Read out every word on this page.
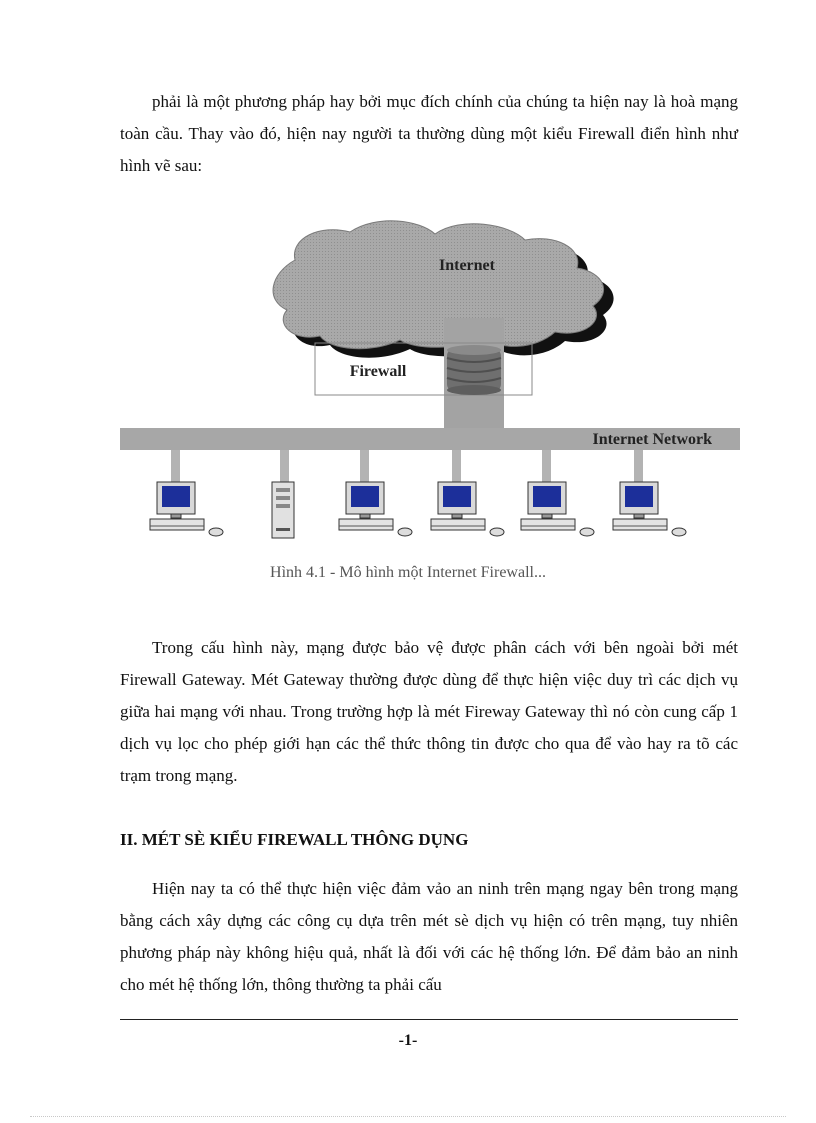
phải là một phương pháp hay bởi mục đích chính của chúng ta hiện nay là hoà mạng toàn cầu. Thay vào đó, hiện nay người ta thường dùng một kiểu Firewall điển hình như hình vẽ sau:

Internet
Firewall
Internet Network
Hình 4.1 - Mô hình một Internet Firewall...

Trong cấu hình này, mạng được bảo vệ được phân cách với bên ngoài bởi mét Firewall Gateway. Mét Gateway thường được dùng để thực hiện việc duy trì các dịch vụ giữa hai mạng với nhau. Trong trường hợp là mét Fireway Gateway thì nó còn cung cấp 1 dịch vụ lọc cho phép giới hạn các thể thức thông tin được cho qua để vào hay ra tõ các trạm trong mạng.

II. MÉT SÈ KIỂU FIREWALL THÔNG DỤNG

Hiện nay ta có thể thực hiện việc đảm vảo an ninh trên mạng ngay bên trong mạng bằng cách xây dựng các công cụ dựa trên mét sè dịch vụ hiện có trên mạng, tuy nhiên phương pháp này không hiệu quả, nhất là đối với các hệ thống lớn. Để đảm bảo an ninh cho mét hệ thống lớn, thông thường ta phải cấu

-1-
